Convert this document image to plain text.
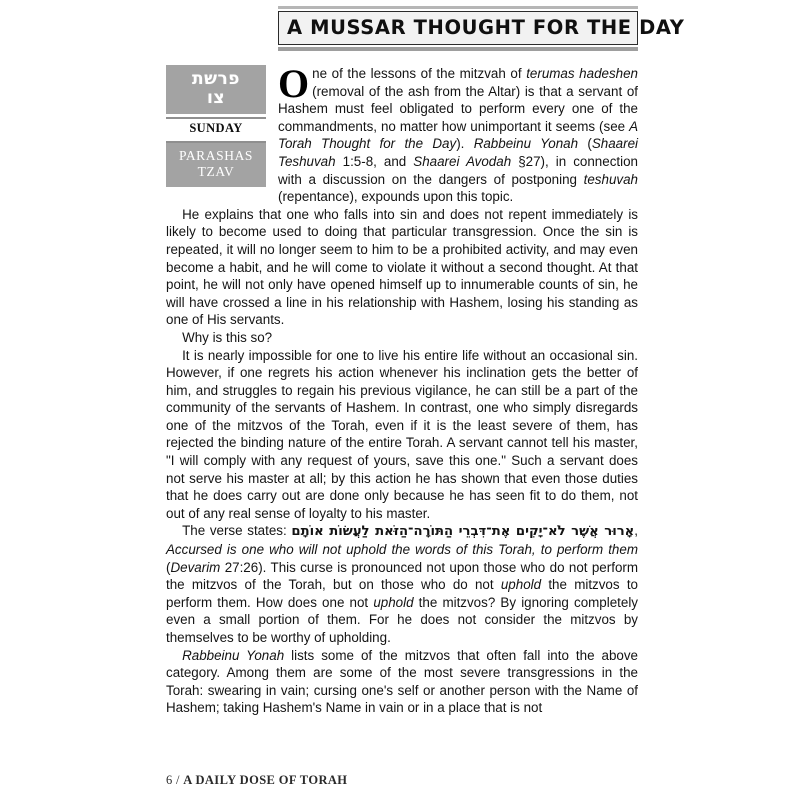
A MUSSAR THOUGHT FOR THE DAY
פרשת
צו
SUNDAY
PARASHAS
TZAV

One of the lessons of the mitzvah of terumas hadeshen (removal of the ash from the Altar) is that a servant of Hashem must feel obligated to perform every one of the commandments, no matter how unimportant it seems (see A Torah Thought for the Day). Rabbeinu Yonah (Shaarei Teshuvah 1:5-8, and Shaarei Avodah §27), in connection with a discussion on the dangers of postponing teshuvah (repentance), expounds upon this topic.

He explains that one who falls into sin and does not repent immediately is likely to become used to doing that particular transgression. Once the sin is repeated, it will no longer seem to him to be a prohibited activity, and may even become a habit, and he will come to violate it without a second thought. At that point, he will not only have opened himself up to innumerable counts of sin, he will have crossed a line in his relationship with Hashem, losing his standing as one of His servants.

Why is this so?

It is nearly impossible for one to live his entire life without an occasional sin. However, if one regrets his action whenever his inclination gets the better of him, and struggles to regain his previous vigilance, he can still be a part of the community of the servants of Hashem. In contrast, one who simply disregards one of the mitzvos of the Torah, even if it is the least severe of them, has rejected the binding nature of the entire Torah. A servant cannot tell his master, "I will comply with any request of yours, save this one." Such a servant does not serve his master at all; by this action he has shown that even those duties that he does carry out are done only because he has seen fit to do them, not out of any real sense of loyalty to his master.

The verse states: אָרוּר אֲשֶׁר לֹא־יָקִים אֶת־דִּבְרֵי הַתּוֹרָה־הַזֹּאת לַעֲשׂוֹת אוֹתָם, Accursed is one who will not uphold the words of this Torah, to perform them (Devarim 27:26). This curse is pronounced not upon those who do not perform the mitzvos of the Torah, but on those who do not uphold the mitzvos to perform them. How does one not uphold the mitzvos? By ignoring completely even a small portion of them. For he does not consider the mitzvos by themselves to be worthy of upholding.

Rabbeinu Yonah lists some of the mitzvos that often fall into the above category. Among them are some of the most severe transgressions in the Torah: swearing in vain; cursing one's self or another person with the Name of Hashem; taking Hashem's Name in vain or in a place that is not

6 / A DAILY DOSE OF TORAH
